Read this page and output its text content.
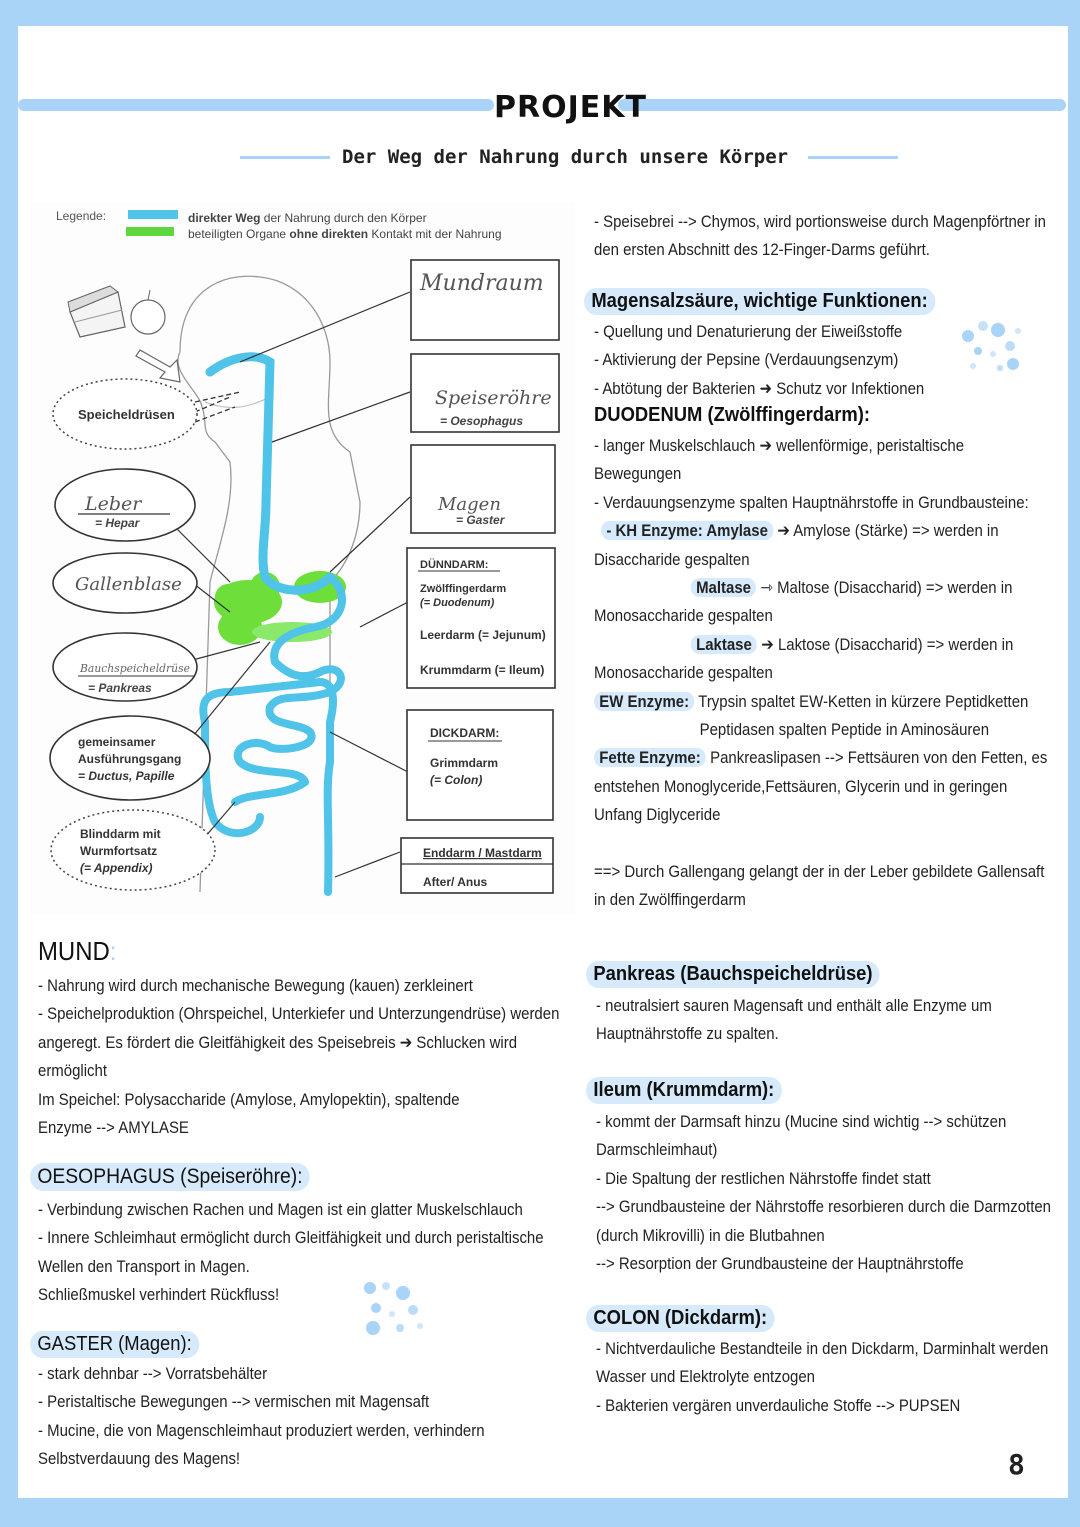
PROJEKT
Der Weg der Nahrung durch unsere Körper
Legende:	direkter Weg der Nahrung durch den Körper
beteiligten Organe ohne direkten Kontakt mit der Nahrung
Mundraum
Speiseröhre
= Oesophagus
Magen
= Gaster
DÜNNDARM:
Zwölffingerdarm
(= Duodenum)
Leerdarm (= Jejunum)
Krummdarm (= Ileum)
DICKDARM:
Grimmdarm
(= Colon)
Enddarm / Mastdarm
After/ Anus
Speicheldrüsen
Leber
= Hepar
Gallenblase
Bauchspeicheldrüse
= Pankreas
gemeinsamer
Ausführungsgang
= Ductus, Papille
Blinddarm mit
Wurmfortsatz
(= Appendix)
- Speisebrei --> Chymos, wird portionsweise durch Magenpförtner in
den ersten Abschnitt des 12-Finger-Darms geführt.
Magensalzsäure, wichtige Funktionen:
- Quellung und Denaturierung der Eiweißstoffe
- Aktivierung der Pepsine (Verdauungsenzym)
- Abtötung der Bakterien ➜ Schutz vor Infektionen
DUODENUM (Zwölffingerdarm):
- langer Muskelschlauch ➔ wellenförmige, peristaltische
Bewegungen
- Verdauungsenzyme spalten Hauptnährstoffe in Grundbausteine:
- KH Enzyme: Amylase ➔ Amylose (Stärke) => werden in
Disaccharide gespalten
Maltase ⇾ Maltose (Disaccharid) => werden in
Monosaccharide gespalten
Laktase ➔ Laktose (Disaccharid) => werden in
Monosaccharide gespalten
EW Enzyme: Trypsin spaltet EW-Ketten in kürzere Peptidketten
Peptidasen spalten Peptide in Aminosäuren
Fette Enzyme: Pankreaslipasen --> Fettsäuren von den Fetten, es
entstehen Monoglyceride,Fettsäuren, Glycerin und in geringen
Unfang Diglyceride
==> Durch Gallengang gelangt der in der Leber gebildete Gallensaft
in den Zwölffingerdarm
Pankreas (Bauchspeicheldrüse)
- neutralsiert sauren Magensaft und enthält alle Enzyme um
Hauptnährstoffe zu spalten.
Ileum (Krummdarm):
- kommt der Darmsaft hinzu (Mucine sind wichtig --> schützen
Darmschleimhaut)
- Die Spaltung der restlichen Nährstoffe findet statt
--> Grundbausteine der Nährstoffe resorbieren durch die Darmzotten
(durch Mikrovilli) in die Blutbahnen
--> Resorption der Grundbausteine der Hauptnährstoffe
COLON (Dickdarm):
- Nichtverdauliche Bestandteile in den Dickdarm, Darminhalt werden
Wasser und Elektrolyte entzogen
- Bakterien vergären unverdauliche Stoffe --> PUPSEN
MUND:
- Nahrung wird durch mechanische Bewegung (kauen) zerkleinert
- Speichelproduktion (Ohrspeichel, Unterkiefer und Unterzungendrüse) werden
angeregt. Es fördert die Gleitfähigkeit des Speisebreis ➔ Schlucken wird
ermöglicht
Im Speichel: Polysaccharide (Amylose, Amylopektin), spaltende
Enzyme --> AMYLASE
OESOPHAGUS (Speiseröhre):
- Verbindung zwischen Rachen und Magen ist ein glatter Muskelschlauch
- Innere Schleimhaut ermöglicht durch Gleitfähigkeit und durch peristaltische
Wellen den Transport in Magen.
Schließmuskel verhindert Rückfluss!
GASTER (Magen):
- stark dehnbar --> Vorratsbehälter
- Peristaltische Bewegungen --> vermischen mit Magensaft
- Mucine, die von Magenschleimhaut produziert werden, verhindern
Selbstverdauung des Magens!	8
